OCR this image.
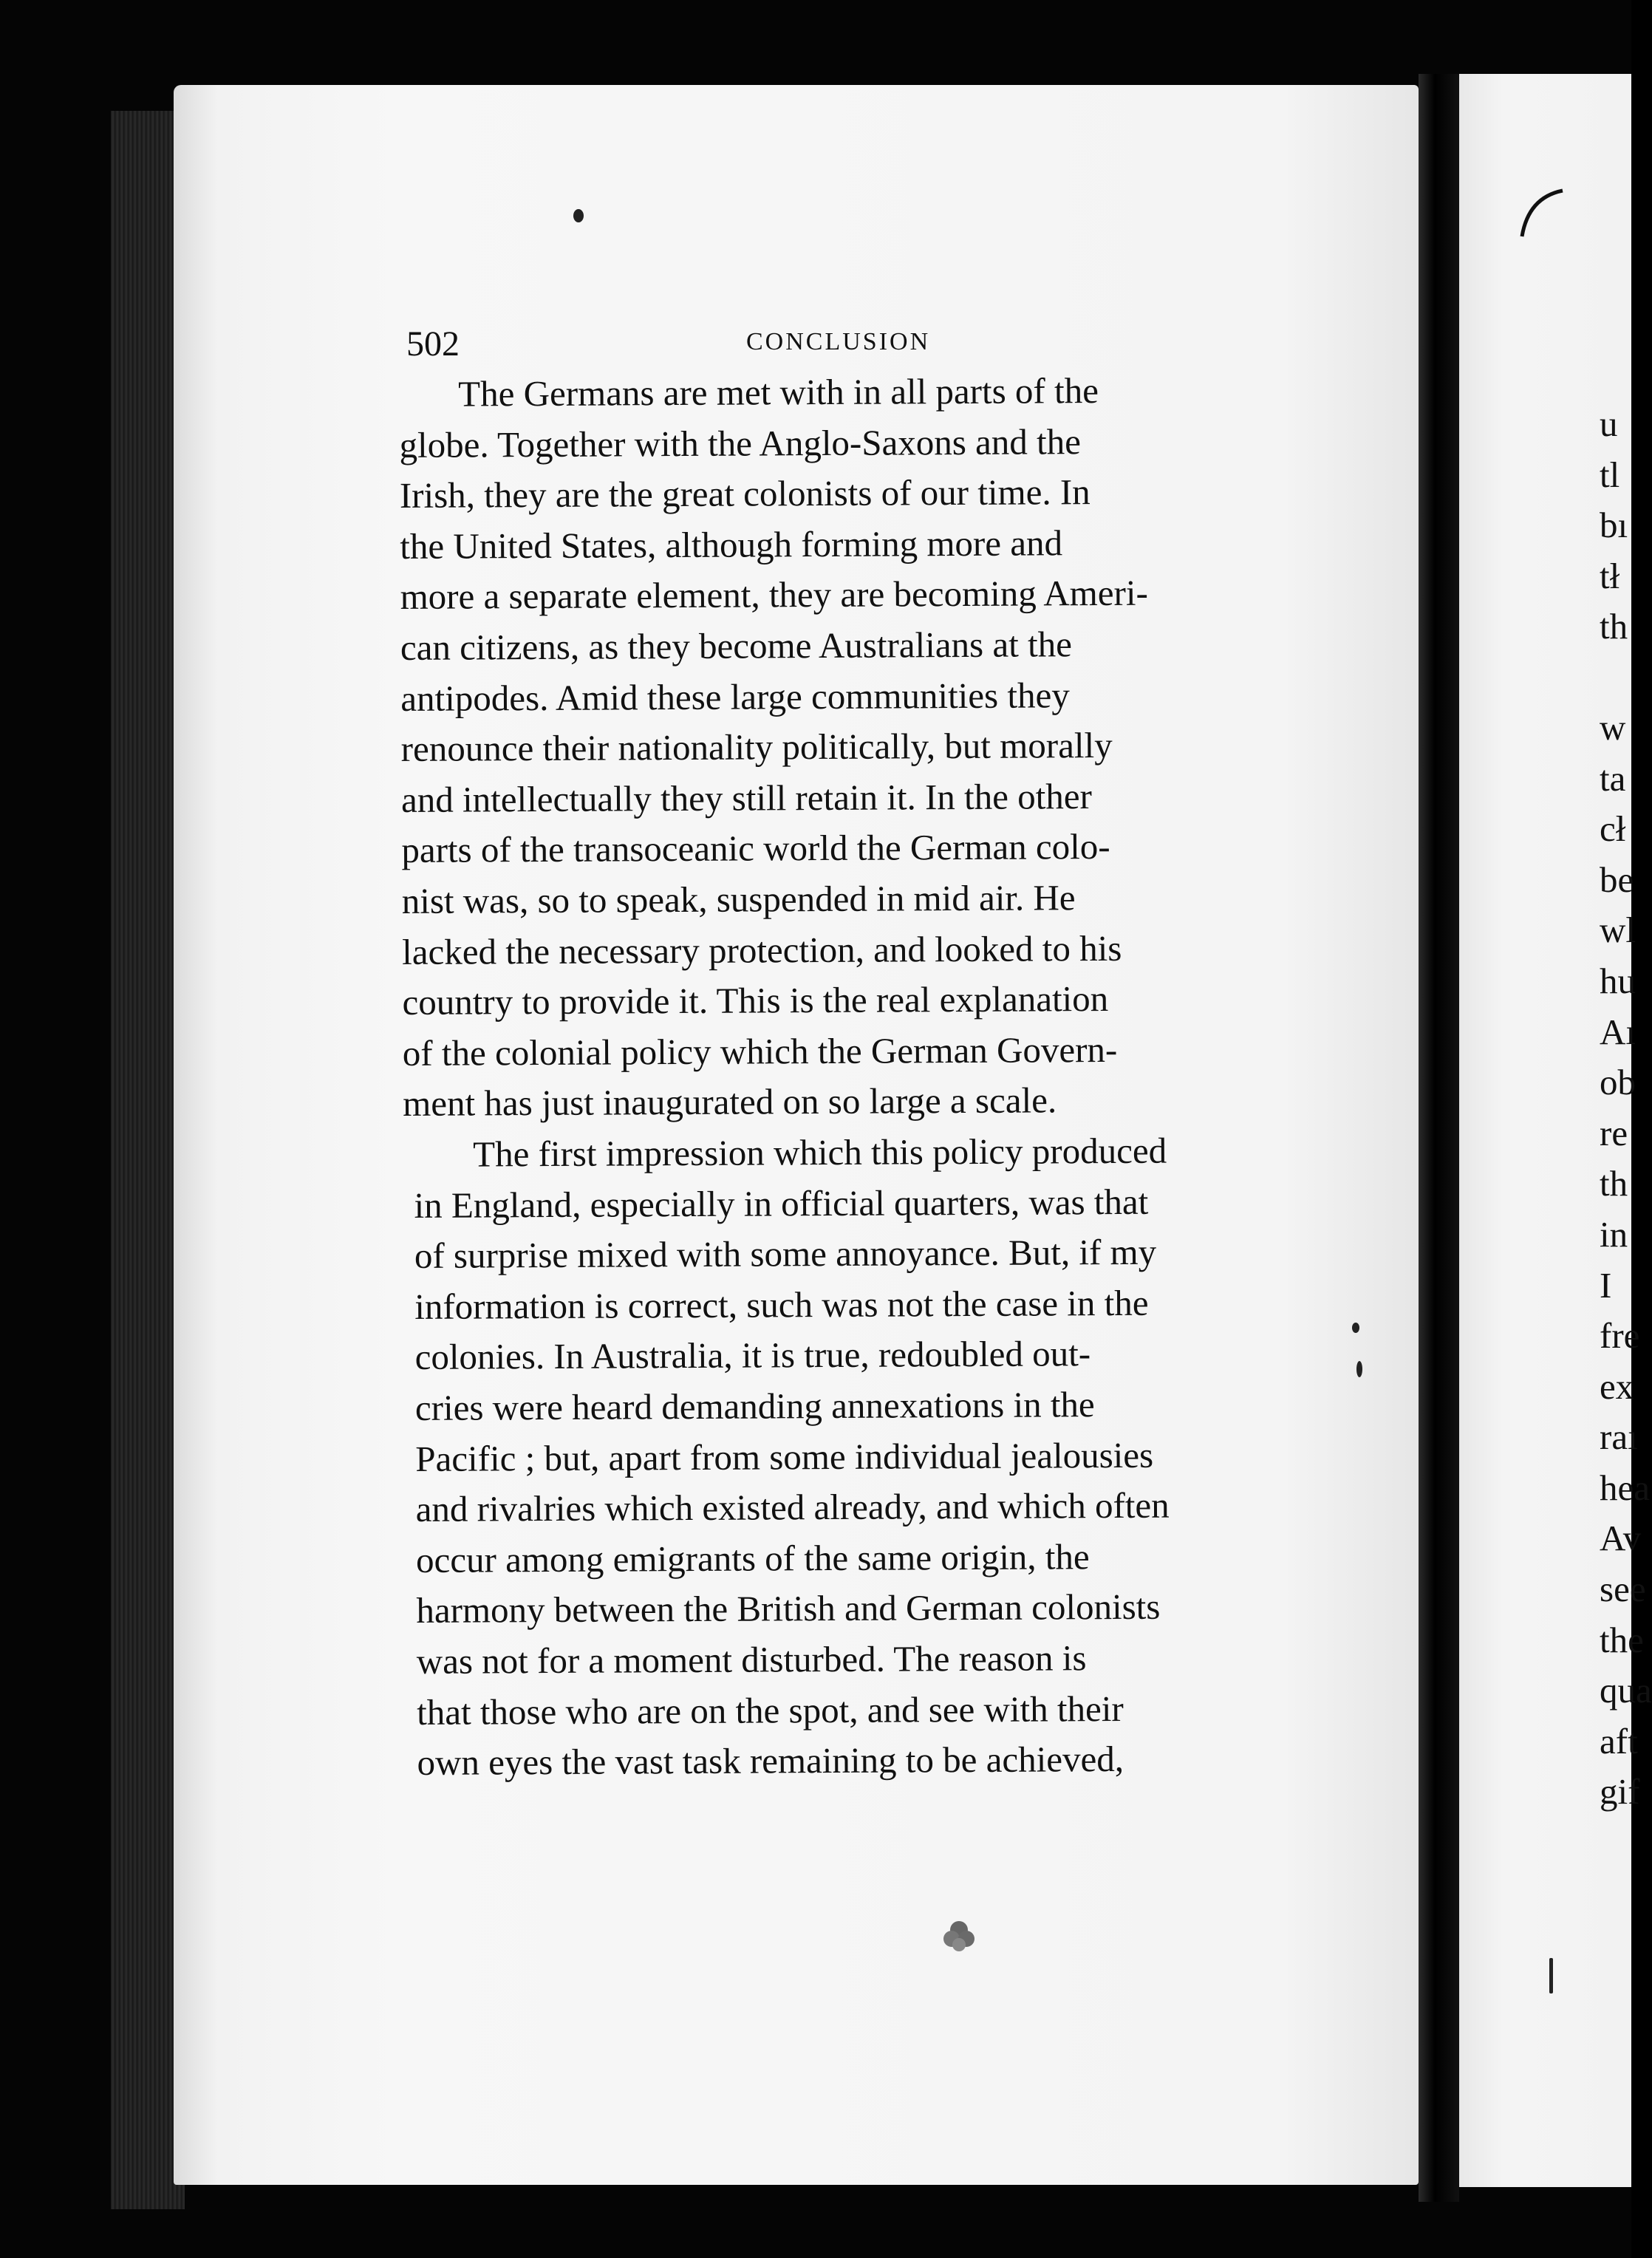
502	CONCLUSION

The Germans are met with in all parts of the
globe. Together with the Anglo-Saxons and the
Irish, they are the great colonists of our time. In
the United States, although forming more and
more a separate element, they are becoming Ameri-
can citizens, as they become Australians at the
antipodes. Amid these large communities they
renounce their nationality politically, but morally
and intellectually they still retain it. In the other
parts of the transoceanic world the German colo-
nist was, so to speak, suspended in mid air. He
lacked the necessary protection, and looked to his
country to provide it. This is the real explanation
of the colonial policy which the German Govern-
ment has just inaugurated on so large a scale.

The first impression which this policy produced
in England, especially in official quarters, was that
of surprise mixed with some annoyance. But, if my
information is correct, such was not the case in the
colonies. In Australia, it is true, redoubled out-
cries were heard demanding annexations in the
Pacific ; but, apart from some individual jealousies
and rivalries which existed already, and which often
occur among emigrants of the same origin, the
harmony between the British and German colonists
was not for a moment disturbed. The reason is
that those who are on the spot, and see with their
own eyes the vast task remaining to be achieved,

u
tl
bı
tł
th
w
ta
cł
be
wl
hu
Aı
ob
re
th
in
I
fre
ex
raı
hea
Av
see
the
qua
aft
gif
